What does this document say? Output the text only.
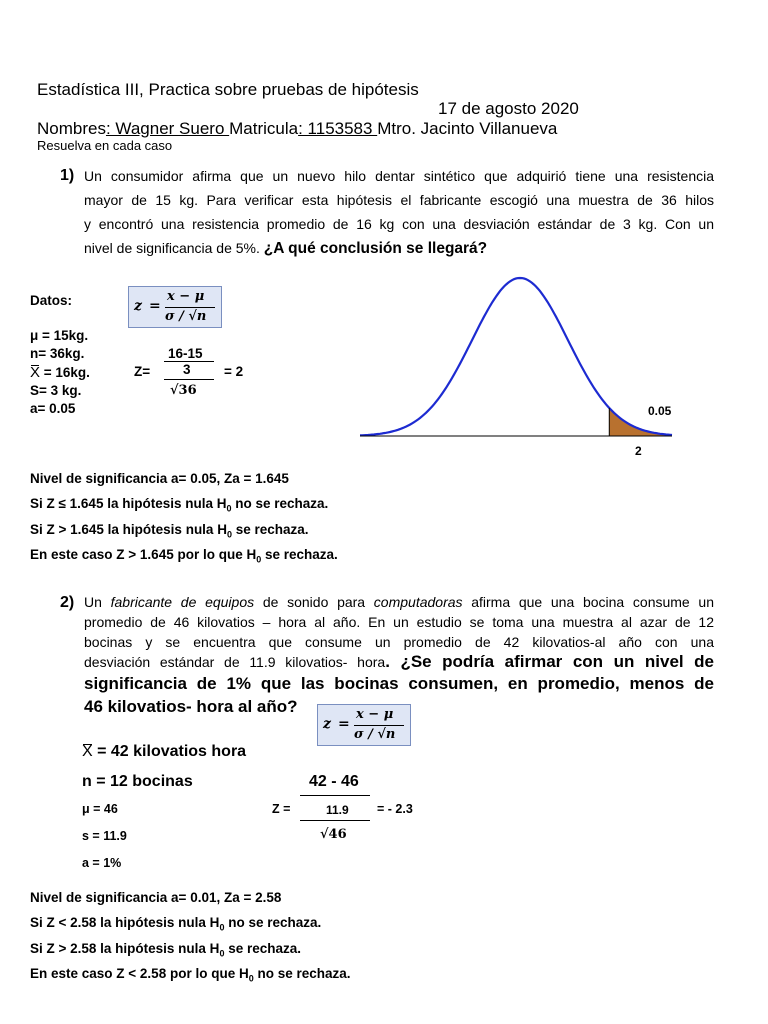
Estadística III, Practica sobre pruebas de hipótesis
17 de agosto 2020
Nombres: Wagner Suero Matricula: 1153583 Mtro. Jacinto Villanueva
Resuelva en cada caso
1) Un consumidor afirma que un nuevo hilo dentar sintético que adquirió tiene una resistencia
mayor de 15 kg. Para verificar esta hipótesis el fabricante escogió una muestra de 36 hilos
y encontró una resistencia promedio de 16 kg con una desviación estándar de 3 kg. Con un
nivel de significancia de 5%. ¿A qué conclusión se llegará?
Datos:	z =
x − μ
σ / √n
μ = 15kg.
n= 36kg.
X = 16kg.
S= 3 kg.
a= 0.05
16-15
Z= 3 = 2
√36
0.05
2
Nivel de significancia a= 0.05, Za = 1.645
Si Z ≤ 1.645 la hipótesis nula $H_0$ no se rechaza.
Si Z > 1.645 la hipótesis nula $H_0$ se rechaza.
En este caso Z > 1.645 por lo que $H_0$ se rechaza.
2) Un fabricante de equipos de sonido para computadoras afirma que una bocina consume un
promedio de 46 kilovatios – hora al año. En un estudio se toma una muestra al azar de 12
bocinas y se encuentra que consume un promedio de 42 kilovatios-al año con una
desviación estándar de 11.9 kilovatios- hora. ¿Se podría afirmar con un nivel de
significancia de 1% que las bocinas consumen, en promedio, menos de
46 kilovatios- hora al año?
z =
x − μ
σ / √n
X = 42 kilovatios hora
n = 12 bocinas	42 - 46
μ = 46	Z =	11.9 = - 2.3
s = 11.9	√46
a = 1%
Nivel de significancia a= 0.01, Za = 2.58
Si Z < 2.58 la hipótesis nula $H_0$ no se rechaza.
Si Z > 2.58 la hipótesis nula $H_0$ se rechaza.
En este caso Z < 2.58 por lo que $H_0$ no se rechaza.
